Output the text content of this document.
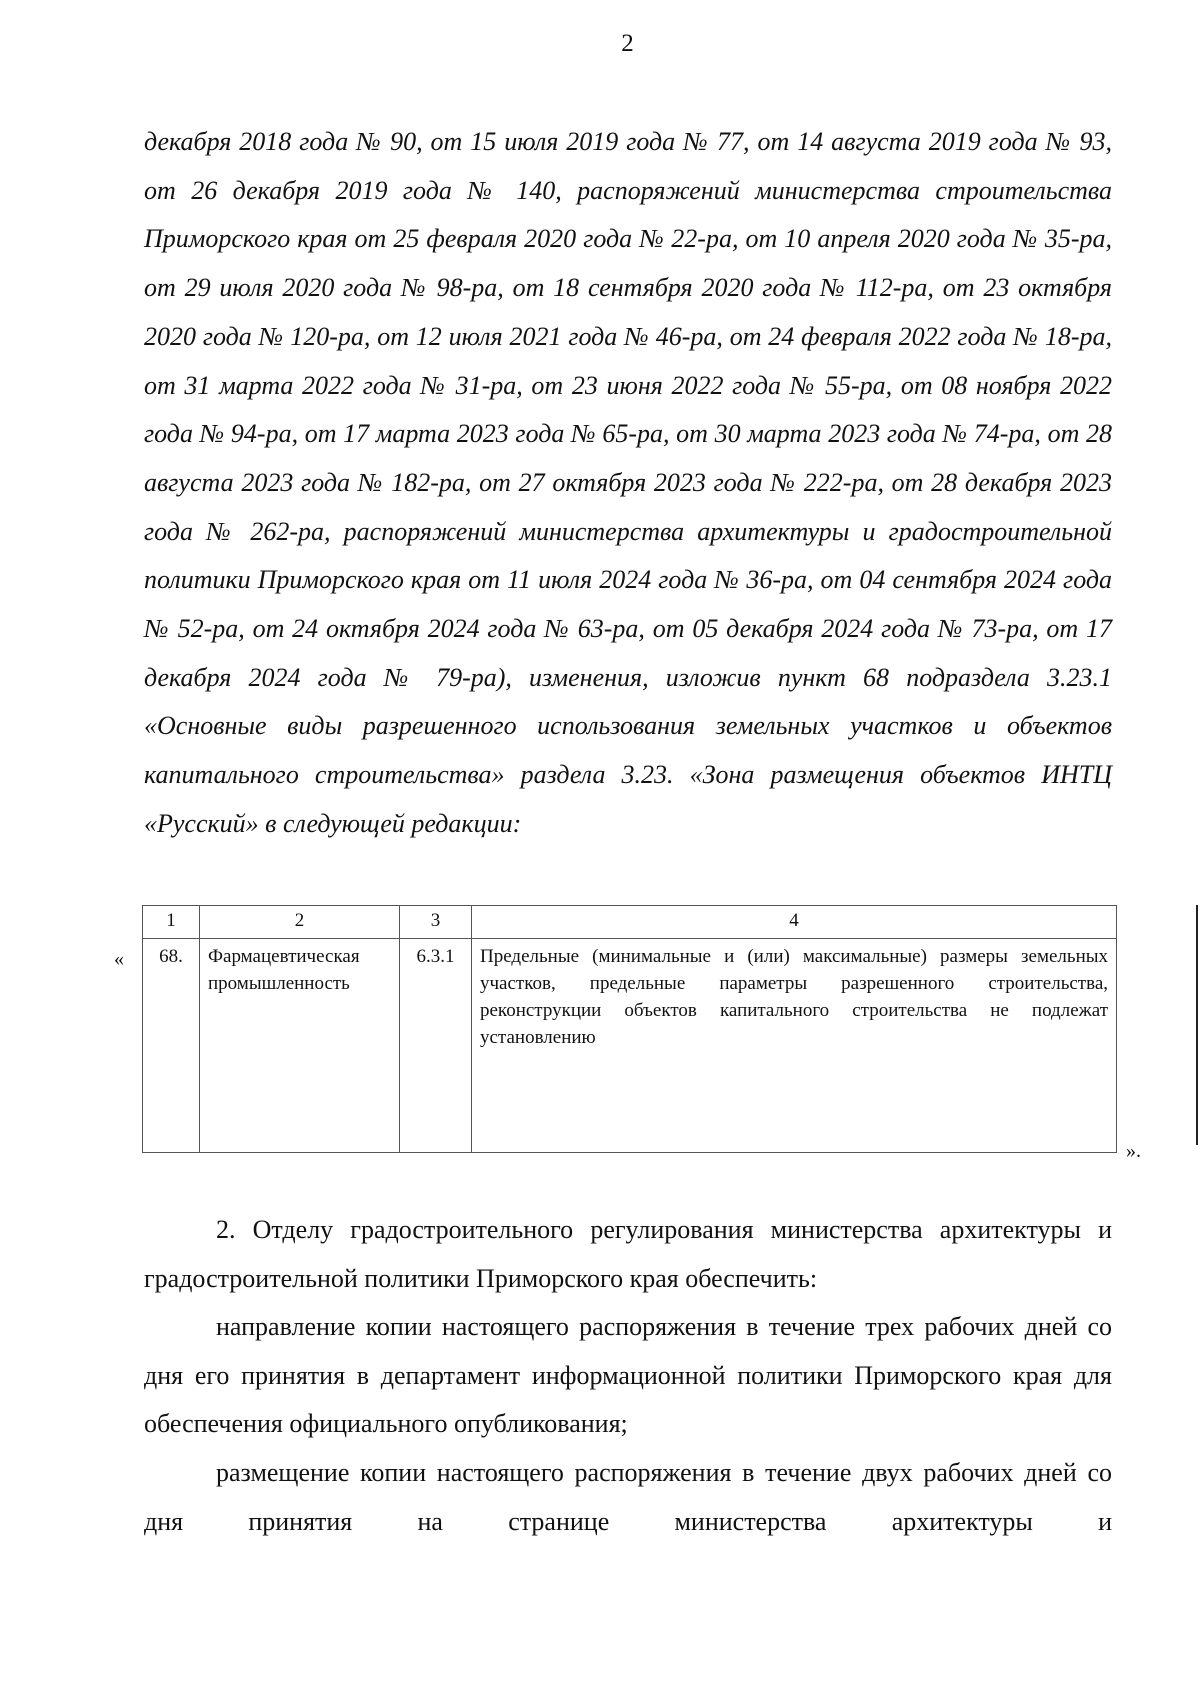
2

декабря 2018 года № 90, от 15 июля 2019 года № 77, от 14 августа 2019 года № 93, от 26 декабря 2019 года № 140, распоряжений министерства строительства Приморского края от 25 февраля 2020 года № 22-ра, от 10 апреля 2020 года № 35-ра, от 29 июля 2020 года № 98-ра, от 18 сентября 2020 года № 112-ра, от 23 октября 2020 года № 120-ра, от 12 июля 2021 года № 46-ра, от 24 февраля 2022 года № 18-ра, от 31 марта 2022 года № 31-ра, от 23 июня 2022 года № 55-ра, от 08 ноября 2022 года № 94-ра, от 17 марта 2023 года № 65-ра, от 30 марта 2023 года № 74-ра, от 28 августа 2023 года № 182-ра, от 27 октября 2023 года № 222-ра, от 28 декабря 2023 года № 262-ра, распоряжений министерства архитектуры и градостроительной политики Приморского края от 11 июля 2024 года № 36-ра, от 04 сентября 2024 года № 52-ра, от 24 октября 2024 года № 63-ра, от 05 декабря 2024 года № 73-ра, от 17 декабря 2024 года № 79-ра), изменения, изложив пункт 68 подраздела 3.23.1 «Основные виды разрешенного использования земельных участков и объектов капитального строительства» раздела 3.23. «Зона размещения объектов ИНТЦ «Русский» в следующей редакции:

«
1	2	3	4
68.	Фармацевтическая промышленность	6.3.1	Предельные (минимальные и (или) максимальные) размеры земельных участков, предельные параметры разрешенного строительства, реконструкции объектов капитального строительства не подлежат установлению
».

2. Отделу градостроительного регулирования министерства архитектуры и градостроительной политики Приморского края обеспечить:

направление копии настоящего распоряжения в течение трех рабочих дней со дня его принятия в департамент информационной политики Приморского края для обеспечения официального опубликования;

размещение копии настоящего распоряжения в течение двух рабочих дней со дня принятия на странице министерства архитектуры и
